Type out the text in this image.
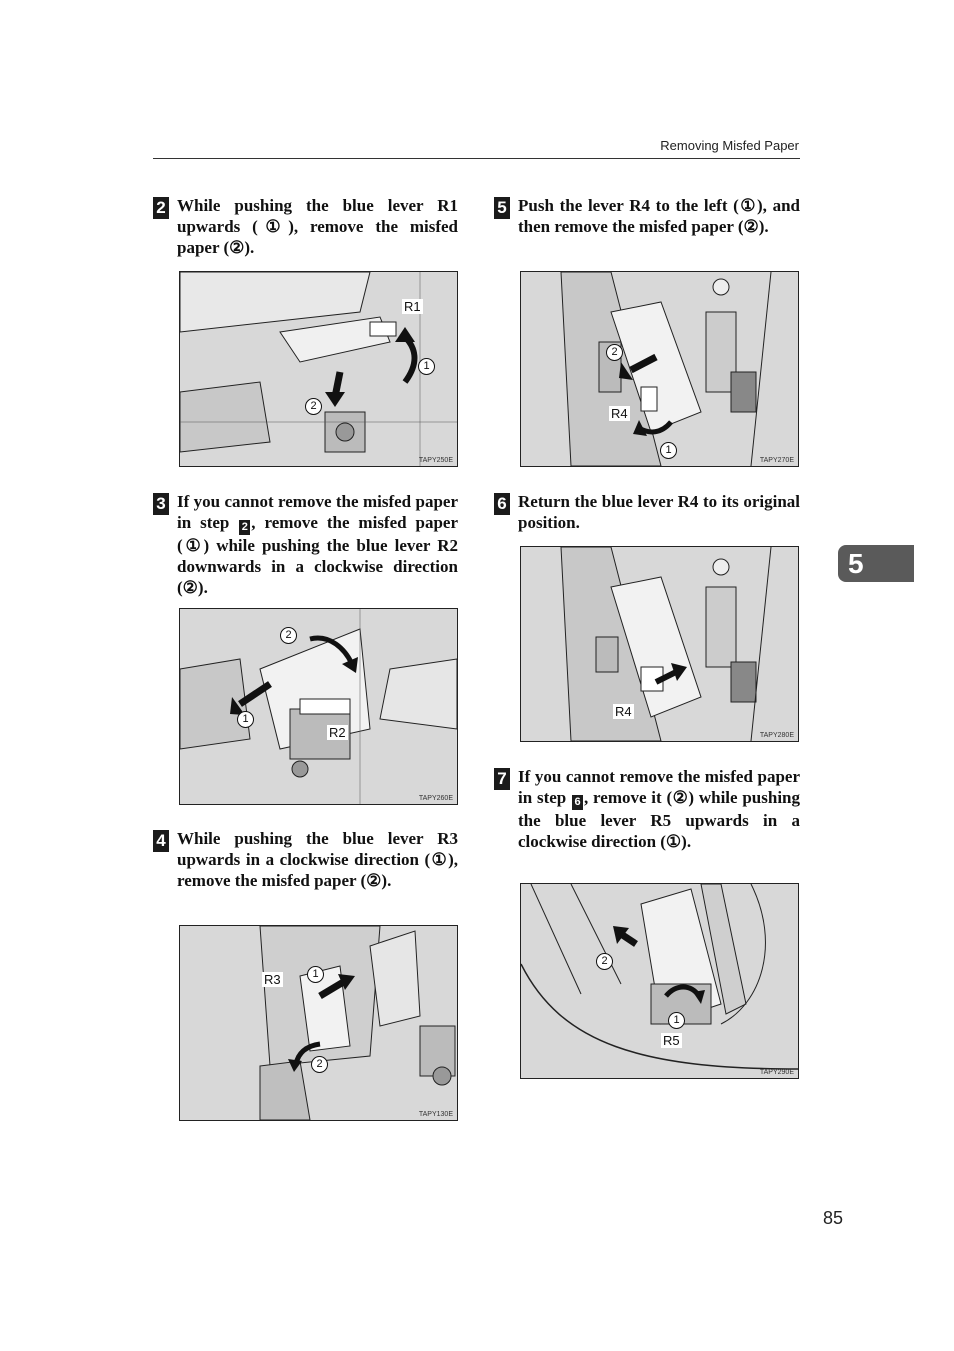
Removing Misfed Paper
2 While pushing the blue lever R1 upwards (①), remove the misfed paper (②).
R1
1
2
TAPY250E
3 If you cannot remove the misfed paper in step 2 , remove the misfed paper (①) while pushing the blue lever R2 downwards in a clockwise direction (②).
2
1
R2
TAPY260E
4 While pushing the blue lever R3 upwards in a clockwise direction (①), remove the misfed paper (②).
R3	1
2
TAPY130E
5 Push the lever R4 to the left (①), and then remove the misfed paper (②).
2
R4
1
TAPY270E
6 Return the blue lever R4 to its original position.
R4
TAPY280E
7 If you cannot remove the misfed paper in step 6 , remove it (②) while pushing the blue lever R5 upwards in a clockwise direction (①).
2
1
R5
TAPY290E
5
85
